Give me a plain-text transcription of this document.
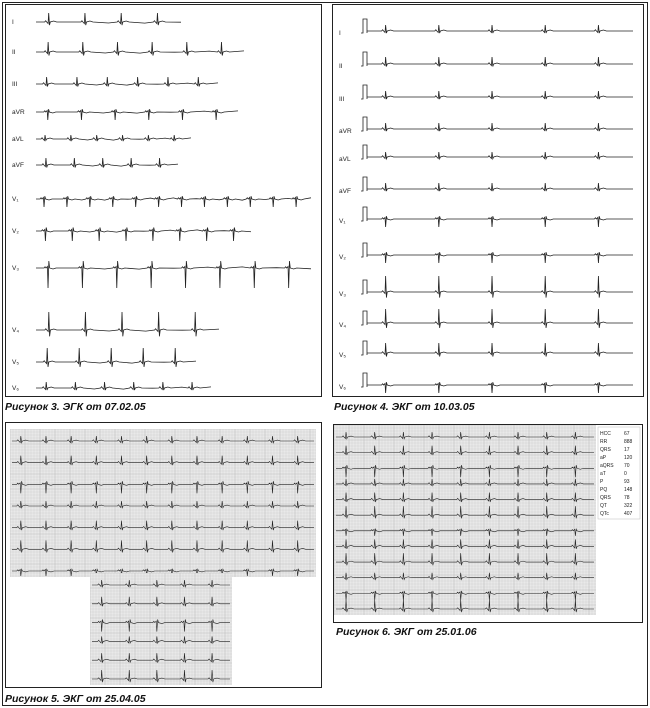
I
II
III
aVR
aVL
aVF
V₁
V₂
V₃
V₄
V₅
V₆
Рисунок 3. ЭГК от 07.02.05
I
II
III
aVR
aVL
aVF
V₁
V₂
V₃
V₄
V₅
V₆
Рисунок 4. ЭКГ от 10.03.05
Рисунок 5. ЭКГ от 25.04.05
HCC	67
RR	888
QRS	17
aP	120
aQRS 70
aT	0
P	93
PQ	148
QRS	78
QT	322
QTc	407
Рисунок 6. ЭКГ от 25.01.06
